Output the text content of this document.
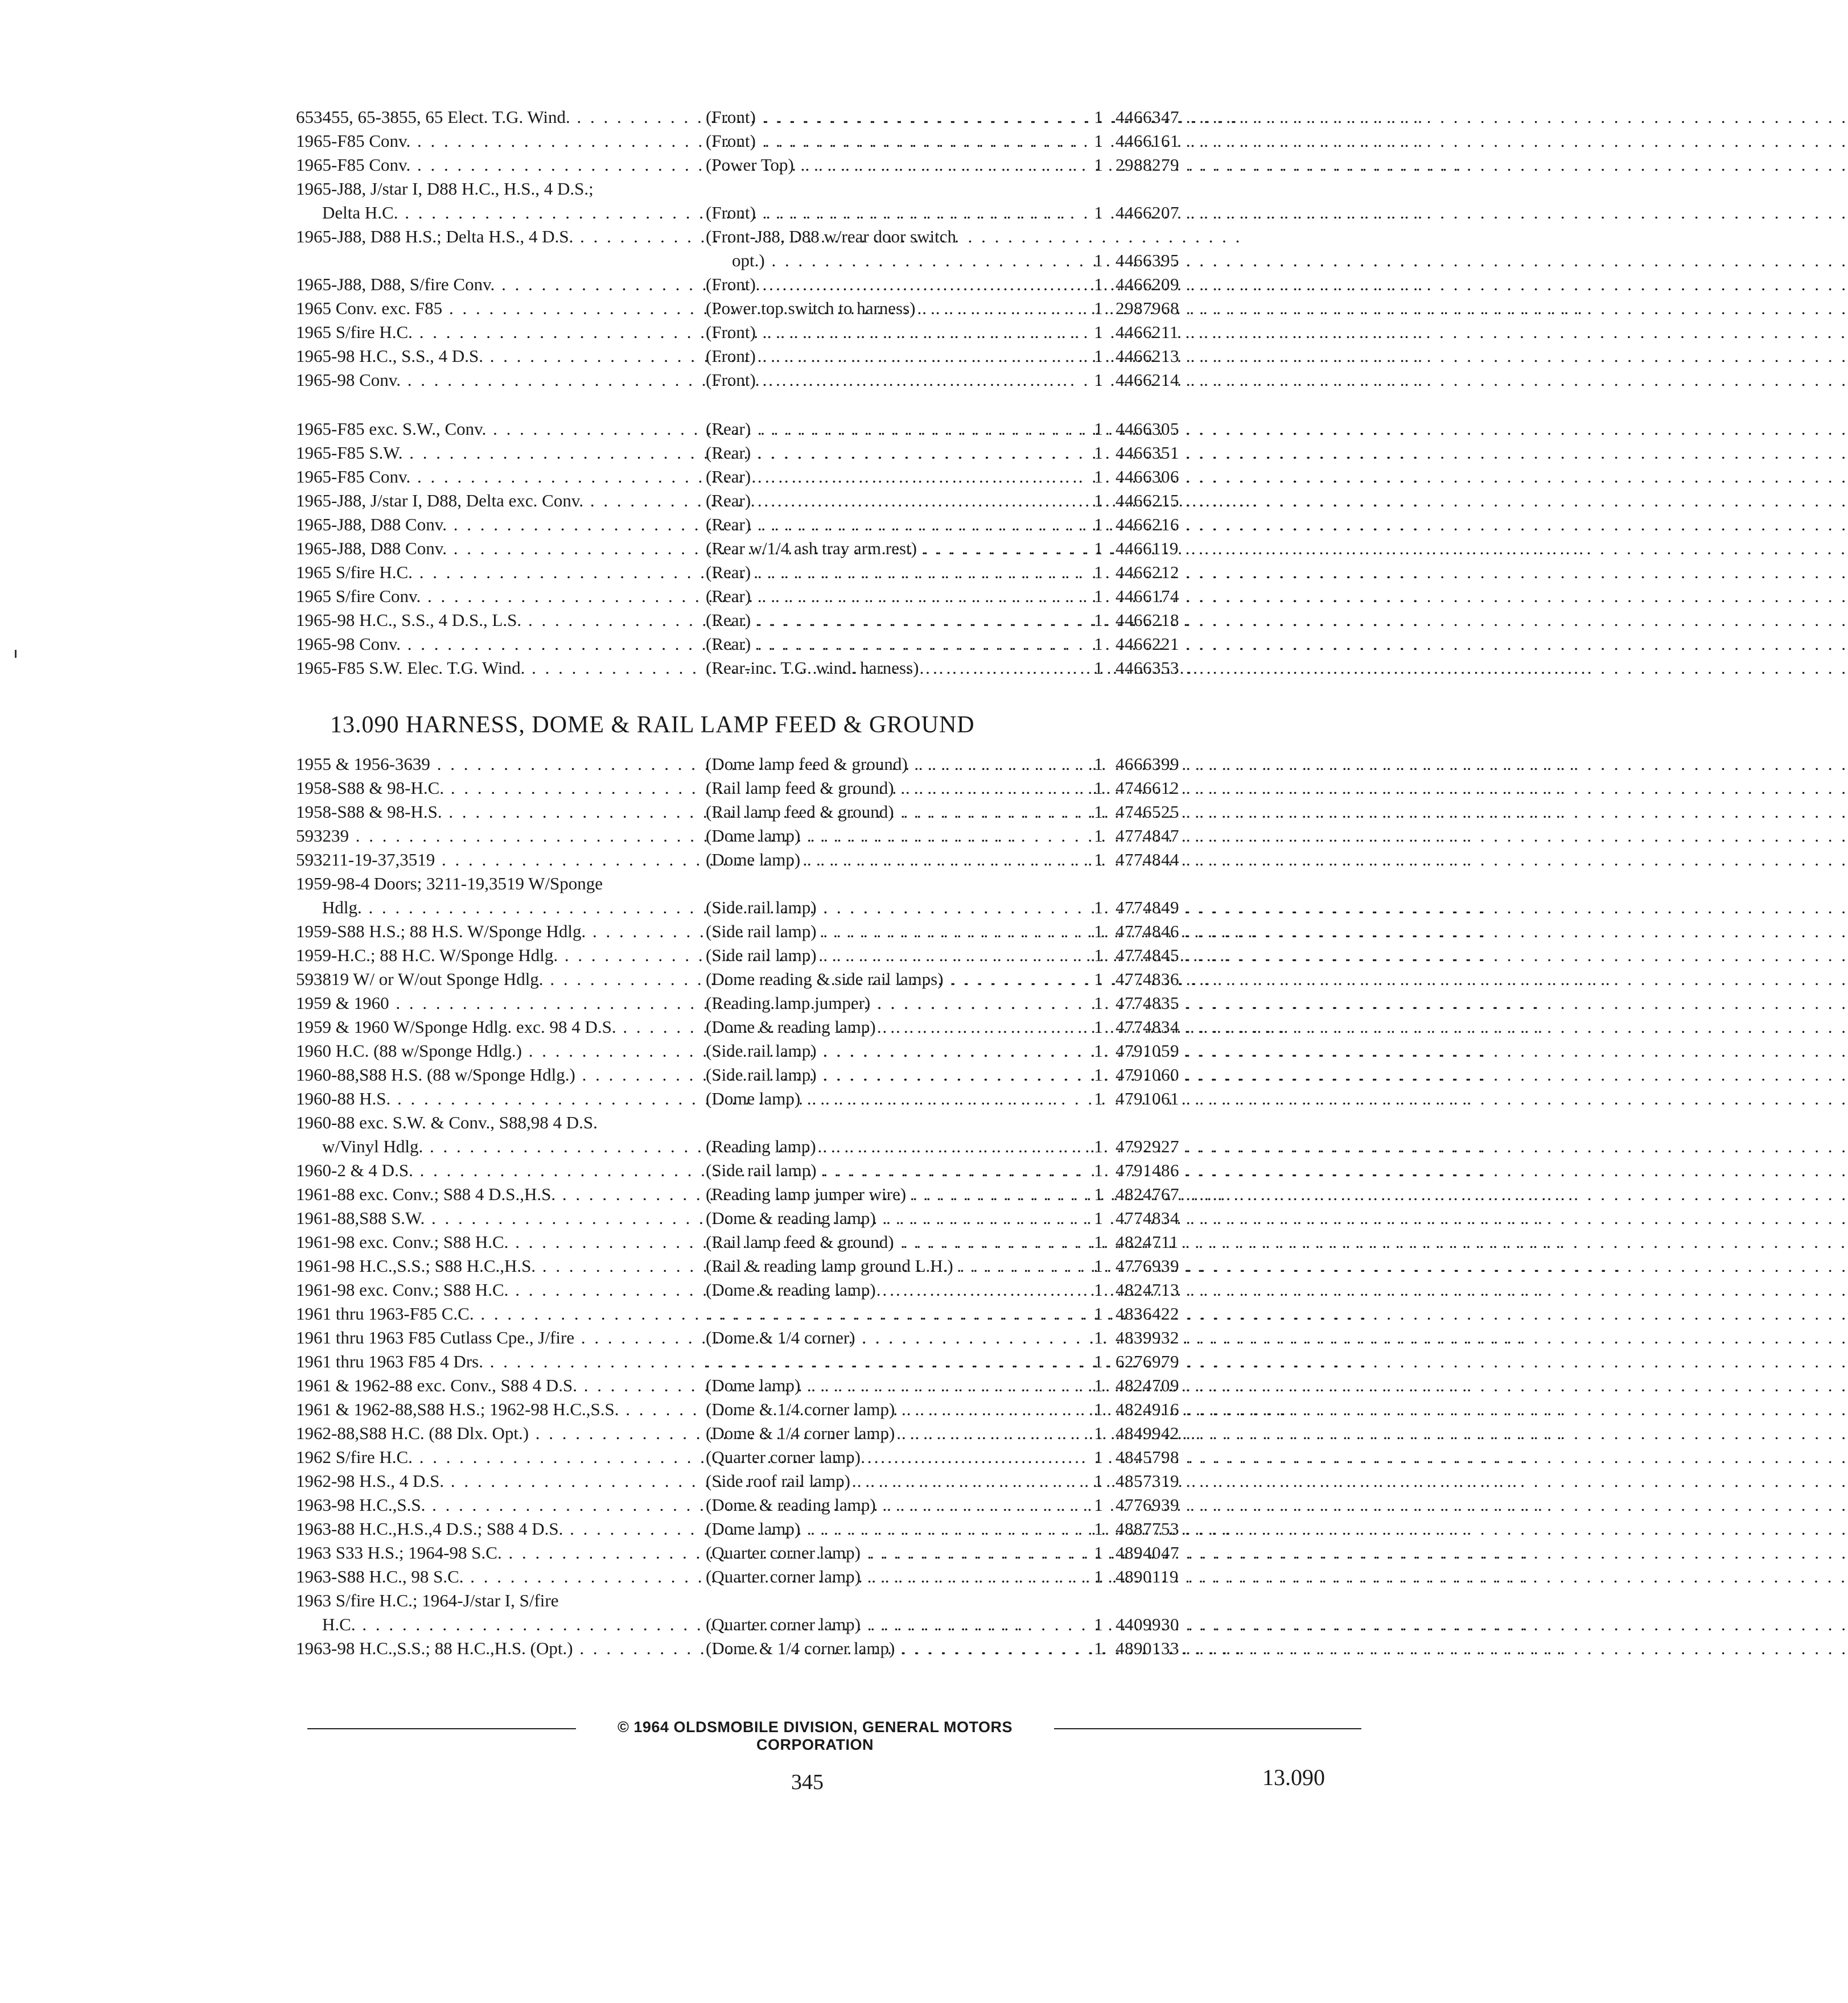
653455, 65-3855, 65 Elect. T.G. Wind. . . .	(Front) . . .	1 4466347 . . .
1965-F85 Conv. . . .	(Front) . . .	1 4466161 . . .
1965-F85 Conv. . . .	(Power Top) . . .	1 2988279 . . .
1965-J88, J/star I, D88 H.C., H.S., 4 D.S.;
Delta H.C. . . .	(Front) . . .	1 4466207 . . .
1965-J88, D88 H.S.; Delta H.S., 4 D.S. . . .	(Front-J88, D88 w/rear door switch
opt.) . . .	1 4466395 . . .
1965-J88, D88, S/fire Conv. . . .	(Front) . . .	1 4466209 . . .
1965 Conv. exc. F85 . . .	(Power top switch to harness) . . .	1 2987968 . . .
1965 S/fire H.C. . . .	(Front) . . .	1 4466211 . . .
1965-98 H.C., S.S., 4 D.S. . . .	(Front) . . .	1 4466213 . . .
1965-98 Conv. . . .	(Front) . . .	1 4466214 . . .
1965-F85 exc. S.W., Conv. . . .	(Rear) . . .	1 4466305 . . .
1965-F85 S.W. . . .	(Rear) . . .	1 4466351 . . .
1965-F85 Conv. . . .	(Rear) . . .	1 4466306 . . .
1965-J88, J/star I, D88, Delta exc. Conv. . . .	(Rear) . . .	1 4466215 . . .
1965-J88, D88 Conv. . . .	(Rear) . . .	1 4466216 . . .
1965-J88, D88 Conv. . . .	(Rear w/1/4 ash tray arm rest) . . .	1 4466119 . . .
1965 S/fire H.C. . . .	(Rear) . . .	1 4466212 . . .
1965 S/fire Conv. . . .	(Rear) . . .	1 4466174 . . .
1965-98 H.C., S.S., 4 D.S., L.S. . . .	(Rear) . . .	1 4466218 . . .
1965-98 Conv. . . .	(Rear) . . .	1 4466221 . . .
1965-F85 S.W. Elec. T.G. Wind. . . .	(Rear-inc. T.G. wind. harness) . . .	1 4466353 . . .
13.090 HARNESS, DOME & RAIL LAMP FEED & GROUND
1955 & 1956-3639 . . .	(Dome lamp feed & ground) . . .	1 4666399 . . .
1958-S88 & 98-H.C. . . .	(Rail lamp feed & ground) . . .	1 4746612 . . .
1958-S88 & 98-H.S. . . .	(Rail lamp feed & ground) . . .	1 4746525 . . .
593239 . . .	(Dome lamp) . . .	1 4774847 . . .
593211-19-37,3519 . . .	(Dome lamp) . . .	1 4774844 . . .
1959-98-4 Doors; 3211-19,3519 W/Sponge
Hdlg. . . .	(Side rail lamp) . . .	1 4774849 . . .
1959-S88 H.S.; 88 H.S. W/Sponge Hdlg. . . .	(Side rail lamp) . . .	1 4774846 . . .
1959-H.C.; 88 H.C. W/Sponge Hdlg. . . .	(Side rail lamp) . . .	1 4774845 . . .
593819 W/ or W/out Sponge Hdlg. . . .	(Dome reading & side rail lamps) . . .	1 4774836 . . .
1959 & 1960 . . .	(Reading lamp jumper) . . .	1 4774835 . . .
1959 & 1960 W/Sponge Hdlg. exc. 98 4 D.S. . . .	(Dome & reading lamp) . . .	1 4774834 . . .
1960 H.C. (88 w/Sponge Hdlg.) . . .	(Side rail lamp) . . .	1 4791059 . . .
1960-88,S88 H.S. (88 w/Sponge Hdlg.) . . .	(Side rail lamp) . . .	1 4791060 . . .
1960-88 H.S. . . .	(Dome lamp) . . .	1 4791061 . . .
1960-88 exc. S.W. & Conv., S88,98 4 D.S.
w/Vinyl Hdlg. . . .	(Reading lamp) . . .	1 4792927 . . .
1960-2 & 4 D.S. . . .	(Side rail lamp) . . .	1 4791486 . . .
1961-88 exc. Conv.; S88 4 D.S.,H.S. . . .	(Reading lamp jumper wire) . . .	1 4824767 . . .
1961-88,S88 S.W. . . .	(Dome & reading lamp) . . .	1 4774834 . . .
1961-98 exc. Conv.; S88 H.C. . . .	(Rail lamp feed & ground) . . .	1 4824711 . . .
1961-98 H.C.,S.S.; S88 H.C.,H.S. . . .	(Rail & reading lamp ground L.H.) . . .	1 4776939 . . .
1961-98 exc. Conv.; S88 H.C. . . .	(Dome & reading lamp) . . .	1 4824713 . . .
1961 thru 1963-F85 C.C. . . . . . .	1 4836422 . . .
1961 thru 1963 F85 Cutlass Cpe., J/fire . . .	(Dome & 1/4 corner) . . .	1 4839932 . . .
1961 thru 1963 F85 4 Drs. . . . . . .	1 6276979 . . .
1961 & 1962-88 exc. Conv., S88 4 D.S. . . .	(Dome lamp) . . .	1 4824709 . . .
1961 & 1962-88,S88 H.S.; 1962-98 H.C.,S.S. . . .	(Dome & 1/4 corner lamp) . . .	1 4824916 . . .
1962-88,S88 H.C. (88 Dlx. Opt.) . . .	(Dome & 1/4 corner lamp) . . .	1 4849942 . . .
1962 S/fire H.C. . . .	(Quarter corner lamp) . . .	1 4845798 . . .
1962-98 H.S., 4 D.S. . . .	(Side roof rail lamp) . . .	1 4857319 . . .
1963-98 H.C.,S.S. . . .	(Dome & reading lamp) . . .	1 4776939 . . .
1963-88 H.C.,H.S.,4 D.S.; S88 4 D.S. . . .	(Dome lamp) . . .	1 4887753 . . .
1963 S33 H.S.; 1964-98 S.C. . . .	(Quarter corner lamp) . . .	1 4894047 . . .
1963-S88 H.C., 98 S.C. . . .	(Quarter corner lamp) . . .	1 4890119 . . .
1963 S/fire H.C.; 1964-J/star I, S/fire
H.C. . . .	(Quarter corner lamp) . . .	1 4409930 . . .
1963-98 H.C.,S.S.; 88 H.C.,H.S. (Opt.) . . .	(Dome & 1/4 corner lamp) . . .	1 4890133 . . .
© 1964 OLDSMOBILE DIVISION, GENERAL MOTORS CORPORATION
345	13.090
